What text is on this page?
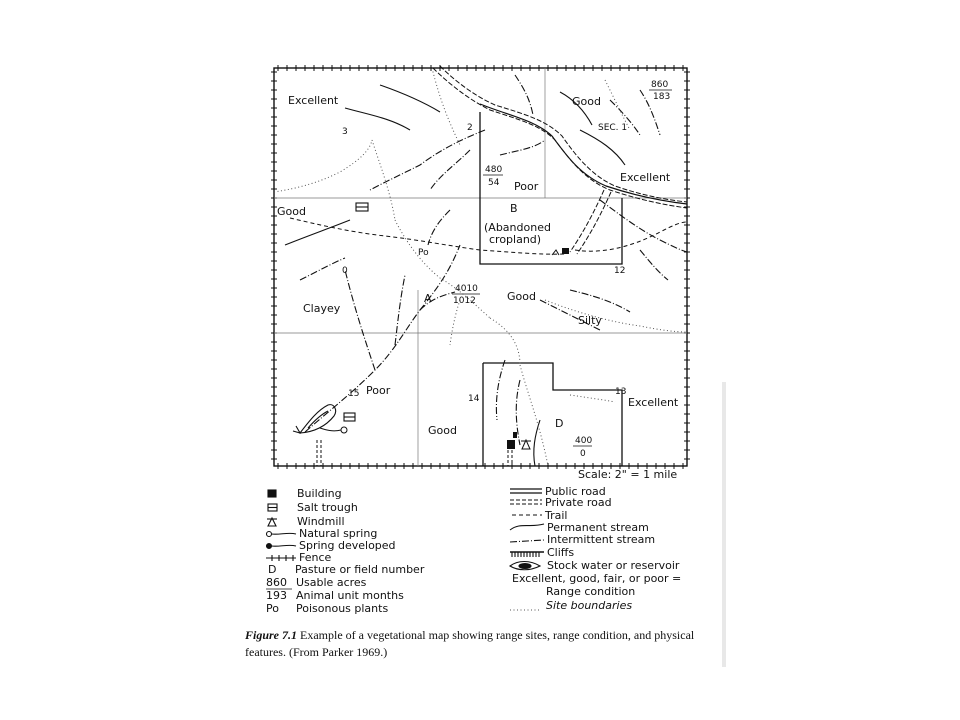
Excellent	Good
Excellent
Poor
Good
Good
Poor
Good
Excellent
Clayey
Silty
(Abandoned cropland)
SEC. 1
A
B
D
Po
3	2
0	12
13
14
15
860
183
480
54
4010
1012
400
0
Scale: 2" = 1 mile
Building
Salt trough
Windmill
Natural spring
Spring developed
Fence
D Pasture or field number
860 Usable acres
193 Animal unit months
Po Poisonous plants
Public road
Private road
Trail
Permanent stream
Intermittent stream
Cliffs
Stock water or reservoir
Excellent, good, fair, or poor =
Range condition
Site boundaries
Figure 7.1 Example of a vegetational map showing range sites, range condition, and physical features. (From Parker 1969.)
